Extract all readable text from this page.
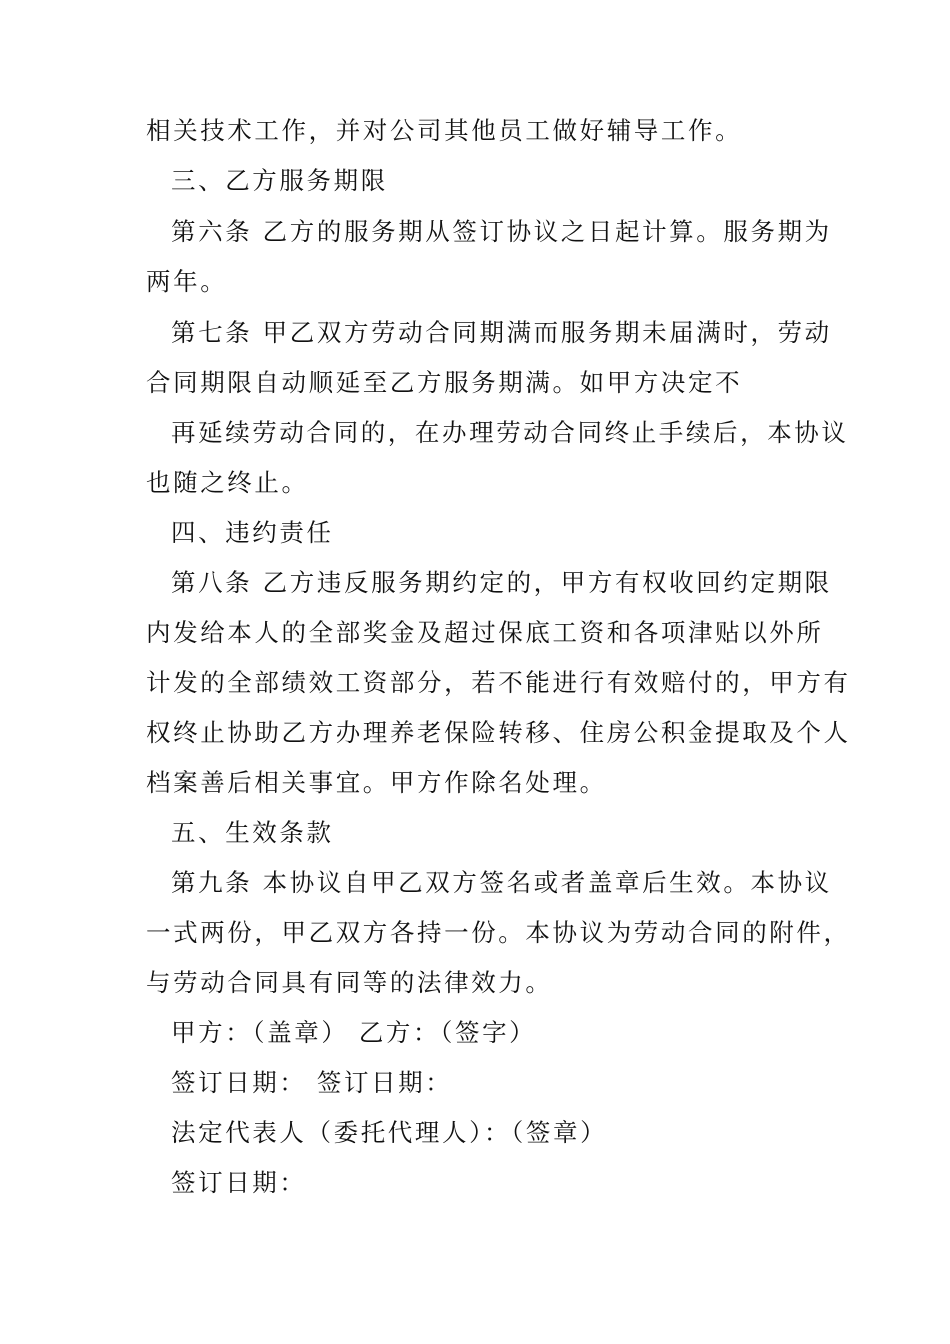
相关技术工作，并对公司其他员工做好辅导工作。
三、乙方服务期限
第六条 乙方的服务期从签订协议之日起计算。服务期为
两年。
第七条 甲乙双方劳动合同期满而服务期未届满时，劳动
合同期限自动顺延至乙方服务期满。如甲方决定不
再延续劳动合同的，在办理劳动合同终止手续后，本协议
也随之终止。
四、违约责任
第八条 乙方违反服务期约定的，甲方有权收回约定期限
内发给本人的全部奖金及超过保底工资和各项津贴以外所
计发的全部绩效工资部分，若不能进行有效赔付的，甲方有
权终止协助乙方办理养老保险转移、住房公积金提取及个人
档案善后相关事宜。甲方作除名处理。
五、生效条款
第九条 本协议自甲乙双方签名或者盖章后生效。本协议
一式两份，甲乙双方各持一份。本协议为劳动合同的附件，
与劳动合同具有同等的法律效力。
甲方：（盖章） 乙方：（签字）
签订日期： 签订日期：
法定代表人（委托代理人）：（签章）
签订日期：
